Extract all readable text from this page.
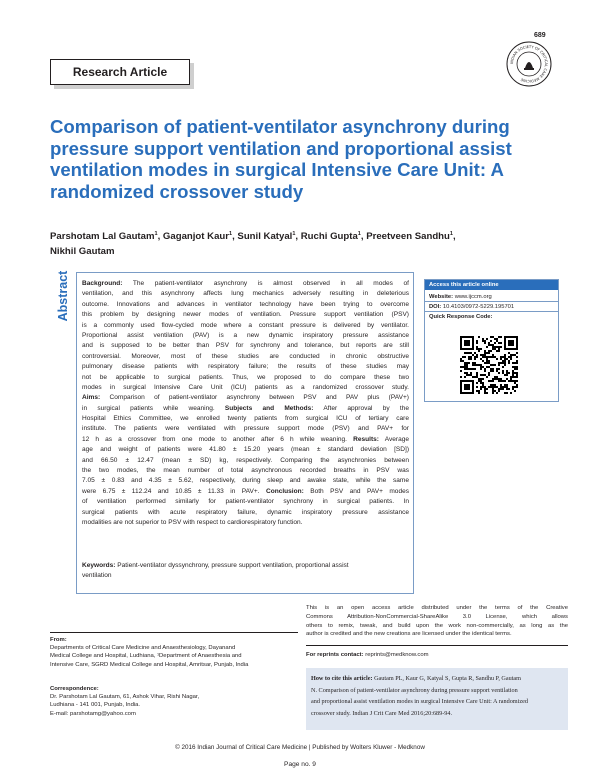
689
INDIAN SOCIETY OF CRITICAL CARE MEDICINE
Research Article
Comparison of patient-ventilator asynchrony during
pressure support ventilation and proportional assist
ventilation modes in surgical Intensive Care Unit: A
randomized crossover study
Parshotam Lal Gautam$^1$, Gaganjot Kaur$^1$, Sunil Katyal$^1$, Ruchi Gupta$^1$, Preetveen Sandhu$^1$,
Nikhil Gautam
Abstract Background: The patient-ventilator asynchrony is almost observed in all modes of
ventilation, and this asynchrony affects lung mechanics adversely resulting in deleterious
outcome. Innovations and advances in ventilator technology have been trying to overcome
this problem by designing newer modes of ventilation. Pressure support ventilation (PSV)
is a commonly used flow-cycled mode where a constant pressure is delivered by ventilator.
Proportional assist ventilation (PAV) is a new dynamic inspiratory pressure assistance
and is supposed to be better than PSV for synchrony and tolerance, but reports are still
controversial. Moreover, most of these studies are conducted in chronic obstructive
pulmonary disease patients with respiratory failure; the results of these studies may
not be applicable to surgical patients. Thus, we proposed to do compare these two
modes in surgical Intensive Care Unit (ICU) patients as a randomized crossover study.
Aims: Comparison of patient-ventilator asynchrony between PSV and PAV plus (PAV+)
in surgical patients while weaning. Subjects and Methods: After approval by the
Hospital Ethics Committee, we enrolled twenty patients from surgical ICU of tertiary care
institute. The patients were ventilated with pressure support mode (PSV) and PAV+ for
12 h as a crossover from one mode to another after 6 h while weaning. Results: Average
age and weight of patients were 41.80 ± 15.20 years (mean ± standard deviation [SD])
and 66.50 ± 12.47 (mean ± SD) kg, respectively. Comparing the asynchronies between
the two modes, the mean number of total asynchronous recorded breaths in PSV was
7.05 ± 0.83 and 4.35 ± 5.62, respectively, during sleep and awake state, while the same
were 6.75 ± 112.24 and 10.85 ± 11.33 in PAV+. Conclusion: Both PSV and PAV+ modes
of ventilation performed similarly for patient-ventilator synchrony in surgical patients. In
surgical patients with acute respiratory failure, dynamic inspiratory pressure assistance
modalities are not superior to PSV with respect to cardiorespiratory function.
Keywords: Patient-ventilator dyssynchrony, pressure support ventilation, proportional assist
ventilation
Access this article online
Website: www.ijccm.org
DOI: 10.4103/0972-5229.195701
Quick Response Code:
This is an open access article distributed under the terms of the Creative
Commons Attribution-NonCommercial-ShareAlike 3.0 License, which allows
others to remix, tweak, and build upon the work non-commercially, as long as the
author is credited and the new creations are licensed under the identical terms.
For reprints contact: reprints@medknow.com
From:
Departments of Critical Care Medicine and Anaesthesiology, Dayanand
Medical College and Hospital, Ludhiana, ¹Department of Anaesthesia and
Intensive Care, SGRD Medical College and Hospital, Amritsar, Punjab, India
Correspondence:
Dr. Parshotam Lal Gautam, 61, Ashok Vihar, Rishi Nagar,
Ludhiana - 141 001, Punjab, India.
E-mail: parshotamg@yahoo.com
How to cite this article: Gautam PL, Kaur G, Katyal S, Gupta R, Sandhu P, Gautam
N. Comparison of patient-ventilator asynchrony during pressure support ventilation
and proportional assist ventilation modes in surgical Intensive Care Unit: A randomized
crossover study. Indian J Crit Care Med 2016;20:689-94.
© 2016 Indian Journal of Critical Care Medicine | Published by Wolters Kluwer - Medknow
Page no. 9
